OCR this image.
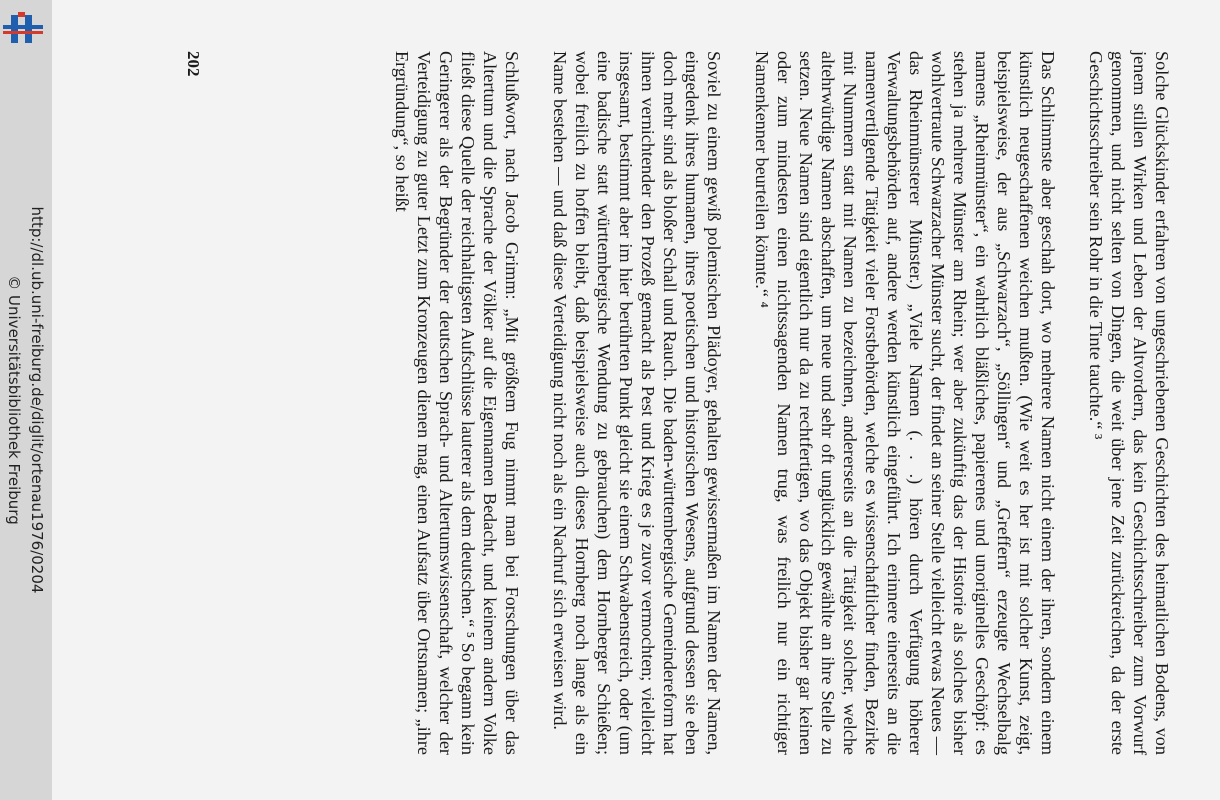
http://dl.ub.uni-freiburg.de/diglit/ortenau1976/0204
© Universitätsbibliothek Freiburg	Solche Glückskinder erfahren von ungeschriebenen Geschichten des heimatlichen Bodens, von jenem stillen Wirken und Leben der Altvordern, das kein Geschichtsschreiber zum Vorwurf genommen, und nicht selten von Dingen, die weit über jene Zeit zurückreichen, da der erste Geschichtsschreiber sein Rohr in die Tinte tauchte.“ ³

Das Schlimmste aber geschah dort, wo mehrere Namen nicht einem der ihren, sondern einem künstlich neugeschaffenen weichen mußten. (Wie weit es her ist mit solcher Kunst, zeigt, beispielsweise, der aus „Schwarzach“, „Söllingen“ und „Greffern“ erzeugte Wechselbalg namens „Rheinmünster“, ein wahrlich bläßliches, papierenes und unoriginelles Geschöpf: es stehen ja mehrere Münster am Rhein; wer aber zukünftig das der Historie als solches bisher wohlvertraute Schwarzacher Münster sucht, der findet an seiner Stelle vielleicht etwas Neues — das Rheinmünsterer Münster.) „Viele Namen (. . .) hören durch Verfügung höherer Verwaltungsbehörden auf, andere werden künstlich eingeführt. Ich erinnere einerseits an die namenvertilgende Tätigkeit vieler Forstbehörden, welche es wissenschaftlicher finden, Bezirke mit Nummern statt mit Namen zu bezeichnen, andererseits an die Tätigkeit solcher, welche altehrwürdige Namen abschaffen, um neue und sehr oft unglücklich gewählte an ihre Stelle zu setzen. Neue Namen sind eigentlich nur da zu rechtfertigen, wo das Objekt bisher gar keinen oder zum mindesten einen nichtssagenden Namen trug, was freilich nur ein richtiger Namenkenner beurteilen könnte.“ ⁴

Soviel zu einem gewiß polemischen Plädoyer, gehalten gewissermaßen im Namen der Namen, eingedenk ihres humanen, ihres poetischen und historischen Wesens, aufgrund dessen sie eben doch mehr sind als bloßer Schall und Rauch. Die baden-württembergische Gemeindereform hat ihnen vernichtender den Prozeß gemacht als Pest und Krieg es je zuvor vermochten; vielleicht insgesamt, bestimmt aber im hier berührten Punkt gleicht sie einem Schwabenstreich, oder (um eine badische statt württembergische Wendung zu gebrauchen) dem Hornberger Schießen; wobei freilich zu hoffen bleibt, daß beispielsweise auch dieses Hornberg noch lange als ein Name bestehen — und daß diese Verteidigung nicht noch als ein Nachruf sich erweisen wird.

Schlußwort, nach Jacob Grimm: „Mit größtem Fug nimmt man bei Forschungen über das Altertum und die Sprache der Völker auf die Eigennamen Bedacht, und keinem andern Volke fließt diese Quelle der reichhaltigsten Aufschlüsse lauterer als dem deutschen.“ ⁵ So begann kein Geringerer als der Begründer der deutschen Sprach- und Altertumswissenschaft, welcher der Verteidigung zu guter Letzt zum Kronzeugen dienen mag, einen Aufsatz über Ortsnamen; „ihre Ergründung“, so heißt

202
